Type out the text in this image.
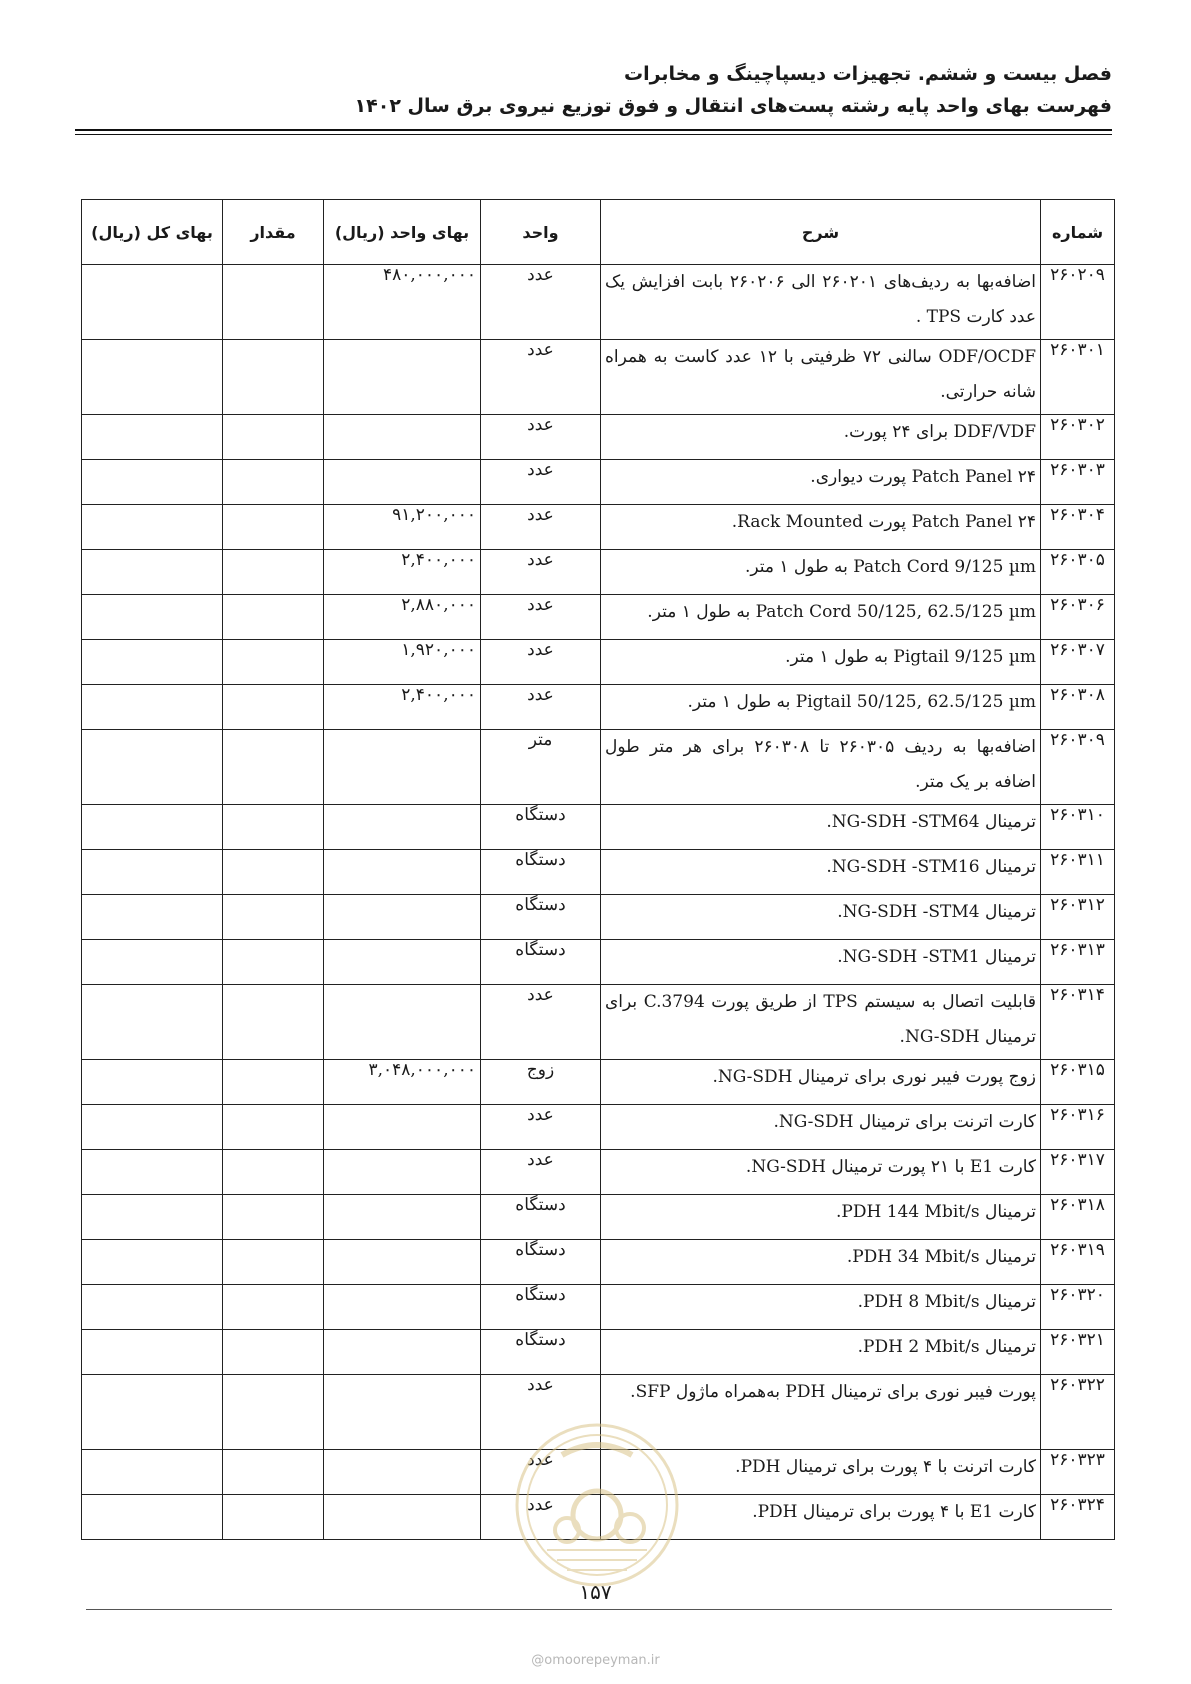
فصل بیست و ششم. تجهیزات دیسپاچینگ و مخابرات
فهرست بهای واحد پایه رشته پست‌های انتقال و فوق توزیع نیروی برق سال ۱۴۰۲
شماره	شرح	واحد	بهای واحد (ریال)	مقدار	بهای کل (ریال)
۲۶۰۲۰۹	اضافه‌بها به ردیف‌های ۲۶۰۲۰۱ الی ۲۶۰۲۰۶ بابت افزایش یک عدد کارت TPS .	عدد	۴۸۰,۰۰۰,۰۰۰		

۲۶۰۳۰۱	ODF/OCDF سالنی ۷۲ ظرفیتی با ۱۲ عدد کاست به همراه شانه حرارتی.	عدد	

۲۶۰۳۰۲	DDF/VDF برای ۲۴ پورت.	عدد	

۲۶۰۳۰۳	Patch Panel ۲۴ پورت دیواری.	عدد	

۲۶۰۳۰۴	Patch Panel ۲۴ پورت Rack Mounted.	عدد	۹۱,۲۰۰,۰۰۰		

۲۶۰۳۰۵	Patch Cord 9/125 µm به طول ۱ متر.	عدد	۲,۴۰۰,۰۰۰		

۲۶۰۳۰۶	Patch Cord 50/125, 62.5/125 µm به طول ۱ متر.	عدد	۲,۸۸۰,۰۰۰		

۲۶۰۳۰۷	Pigtail 9/125 µm به طول ۱ متر.	عدد	۱,۹۲۰,۰۰۰		

۲۶۰۳۰۸	Pigtail 50/125, 62.5/125 µm به طول ۱ متر.	عدد	۲,۴۰۰,۰۰۰		

۲۶۰۳۰۹	اضافه‌بها به ردیف ۲۶۰۳۰۵ تا ۲۶۰۳۰۸ برای هر متر طول اضافه بر یک متر.	متر	

۲۶۰۳۱۰	ترمینال NG-SDH -STM64.	دستگاه	

۲۶۰۳۱۱	ترمینال NG-SDH -STM16.	دستگاه	

۲۶۰۳۱۲	ترمینال NG-SDH -STM4.	دستگاه	

۲۶۰۳۱۳	ترمینال NG-SDH -STM1.	دستگاه	

۲۶۰۳۱۴	قابلیت اتصال به سیستم TPS از طریق پورت C.3794 برای ترمینال NG-SDH.	عدد	

۲۶۰۳۱۵	زوج پورت فیبر نوری برای ترمینال NG-SDH.	زوج	۳,۰۴۸,۰۰۰,۰۰۰		

۲۶۰۳۱۶	کارت اترنت برای ترمینال NG-SDH.	عدد	

۲۶۰۳۱۷	کارت E1 با ۲۱ پورت ترمینال NG-SDH.	عدد	

۲۶۰۳۱۸	ترمینال PDH 144 Mbit/s.	دستگاه	

۲۶۰۳۱۹	ترمینال PDH 34 Mbit/s.	دستگاه	

۲۶۰۳۲۰	ترمینال PDH 8 Mbit/s.	دستگاه	

۲۶۰۳۲۱	ترمینال PDH 2 Mbit/s.	دستگاه	

۲۶۰۳۲۲	پورت فیبر نوری برای ترمینال PDH به‌همراه ماژول SFP.	عدد	

۲۶۰۳۲۳	کارت اترنت با ۴ پورت برای ترمینال PDH.	عدد	

۲۶۰۳۲۴	کارت E1 با ۴ پورت برای ترمینال PDH.	عدد	

۱۵۷
@omoorepeyman.ir
